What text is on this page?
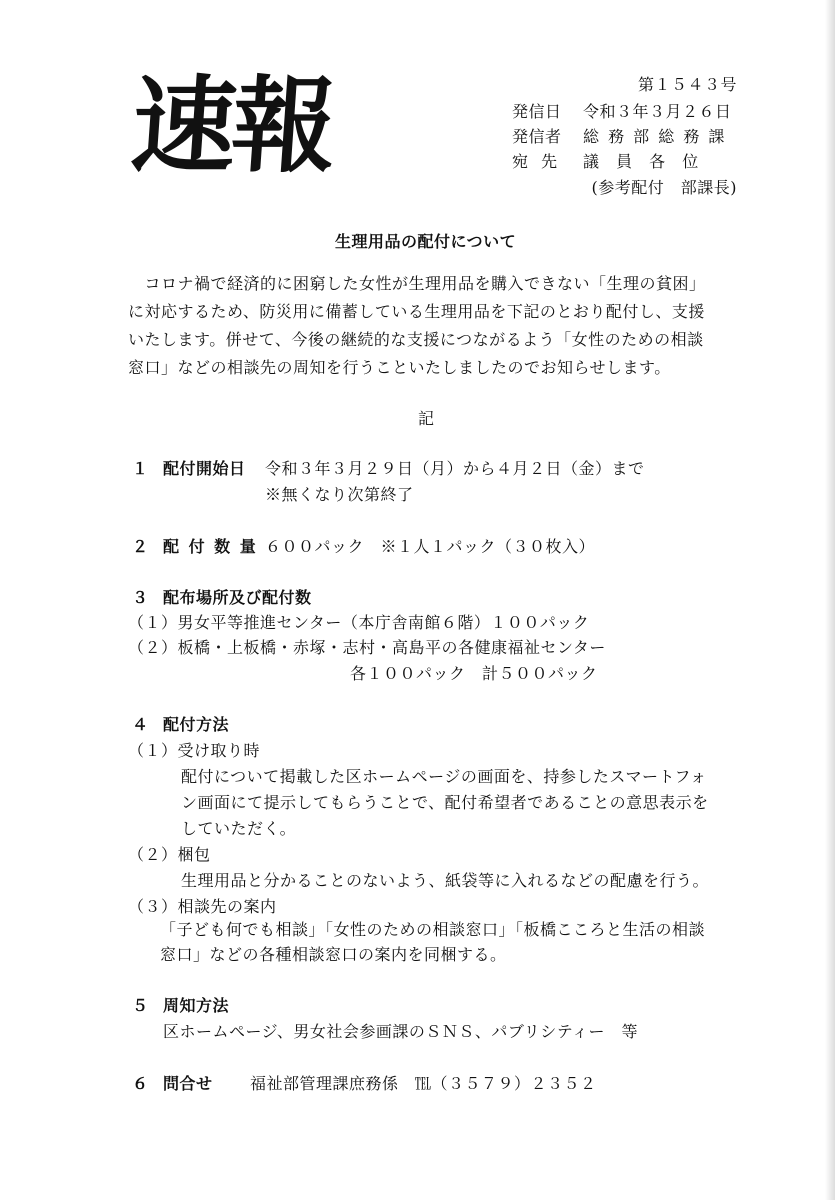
速報	第１５４３号
発信日 令和３年３月２６日
発信者 総 務 部 総 務 課
宛 先 議 員 各 位
(参考配付　部課長)
生理用品の配付について
　コロナ禍で経済的に困窮した女性が生理用品を購入できない「生理の貧困」
に対応するため、防災用に備蓄している生理用品を下記のとおり配付し、支援
いたします。併せて、今後の継続的な支援につながるよう「女性のための相談
窓口」などの相談先の周知を行うこといたしましたのでお知らせします。
記
１ 配付開始日 令和３年３月２９日（月）から４月２日（金）まで
※無くなり次第終了
２ 配 付 数 量 ６００パック　※１人１パック（３０枚入）
３ 配布場所及び配付数
（１）男女平等推進センター（本庁舎南館６階）１００パック
（２）板橋・上板橋・赤塚・志村・高島平の各健康福祉センター
各１００パック　計５００パック
４ 配付方法
（１）受け取り時
配付について掲載した区ホームページの画面を、持参したスマートフォ
ン画面にて提示してもらうことで、配付希望者であることの意思表示を
していただく。
（２）梱包
生理用品と分かることのないよう、紙袋等に入れるなどの配慮を行う。
（３）相談先の案内
「子ども何でも相談」「女性のための相談窓口」「板橋こころと生活の相談
窓口」などの各種相談窓口の案内を同梱する。
５ 周知方法
区ホームページ、男女社会参画課のＳＮＳ、パブリシティー　等
６ 問合せ 福祉部管理課庶務係　℡（３５７９）２３５２
